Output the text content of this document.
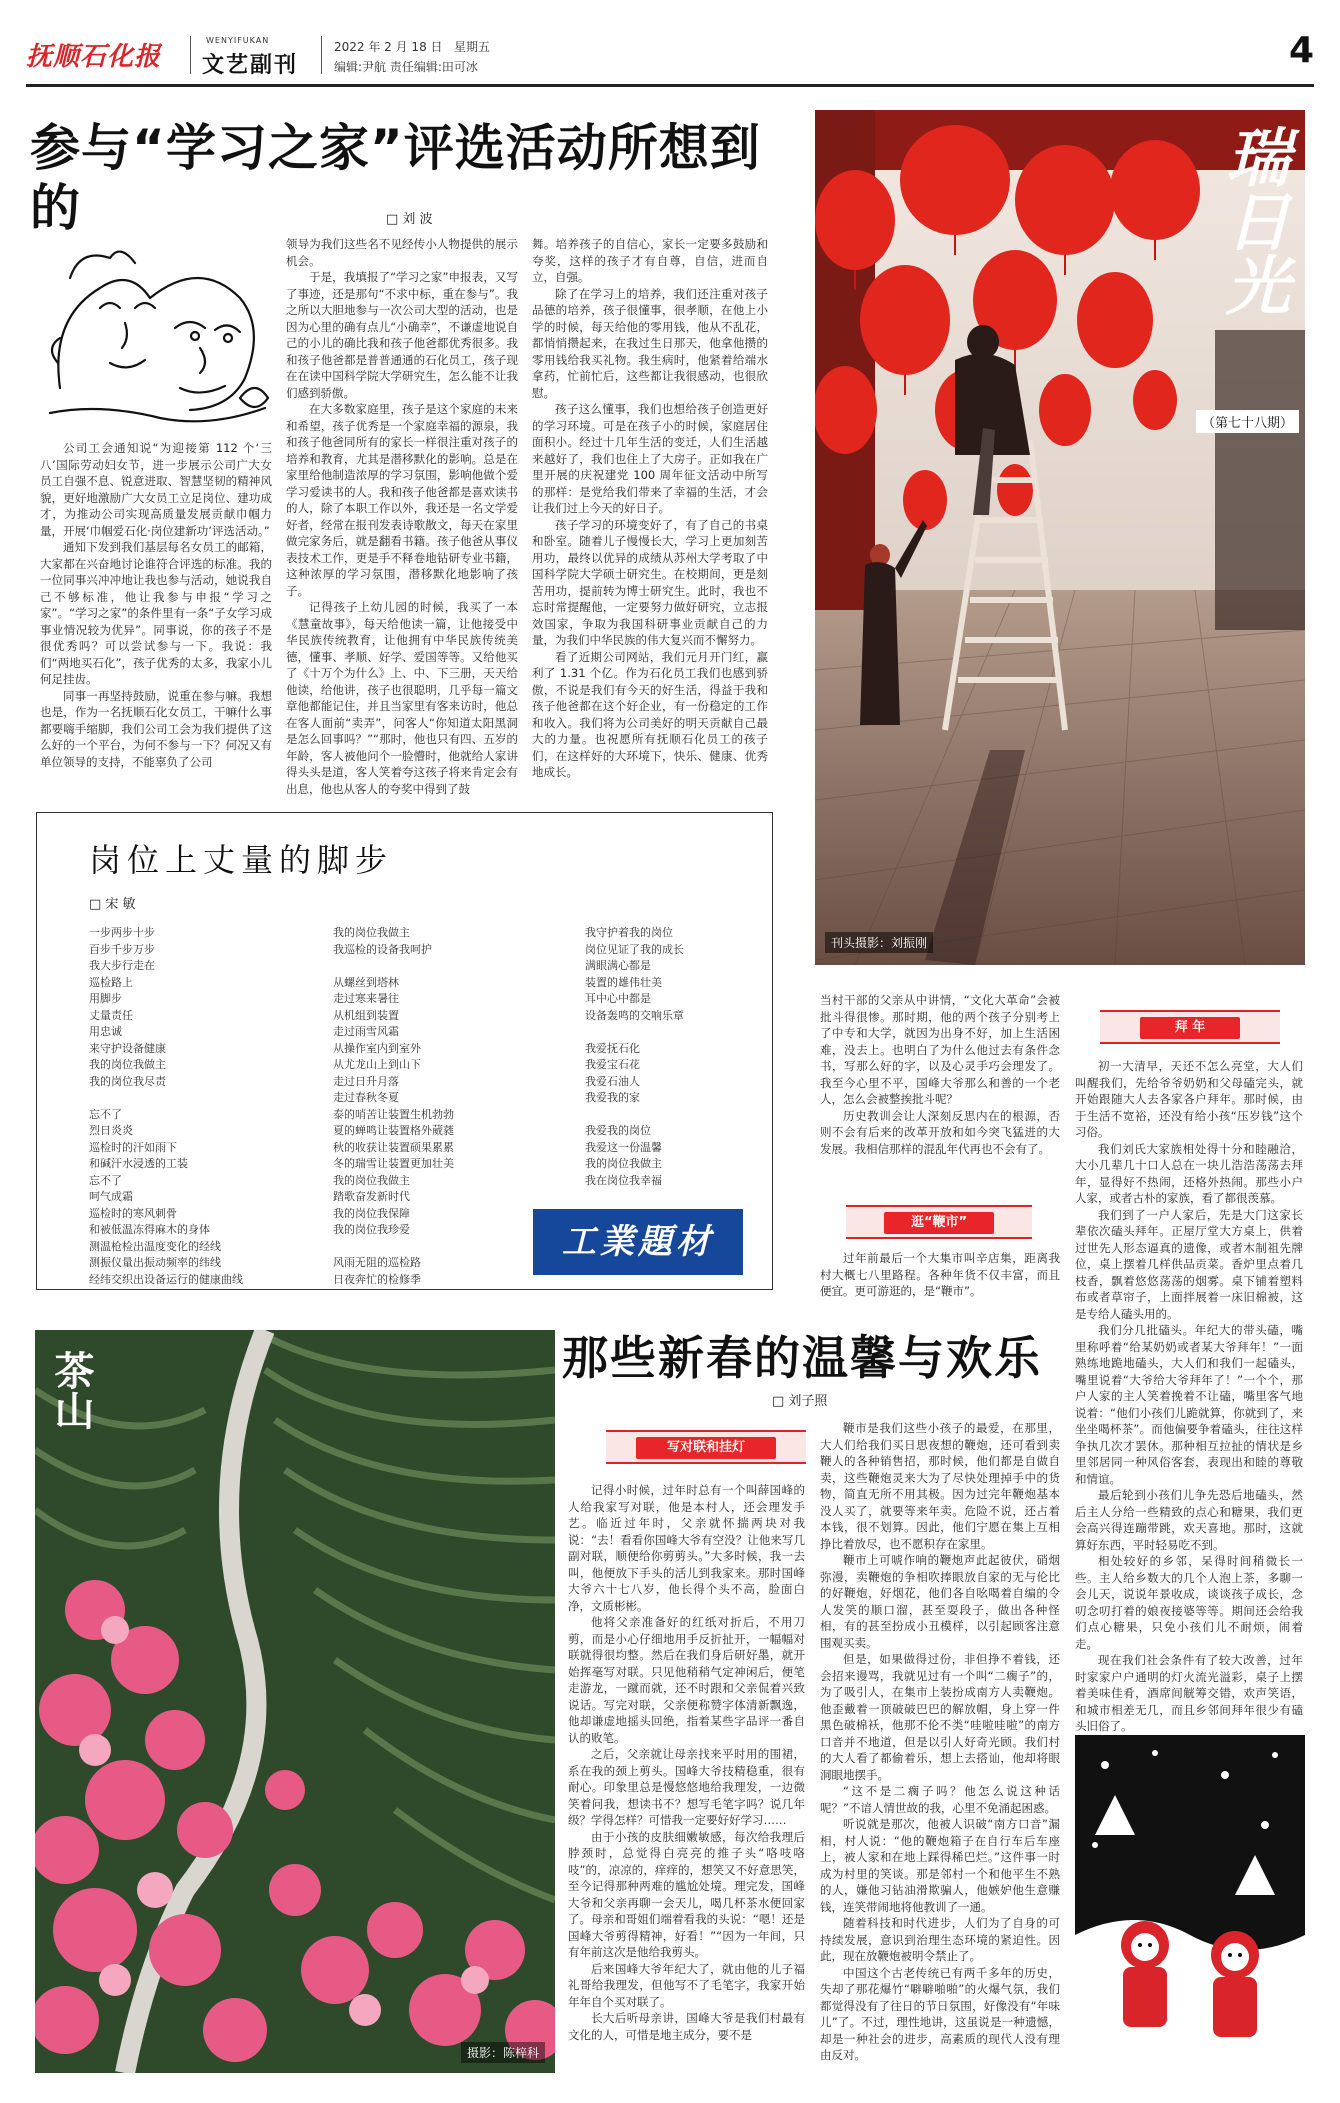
抚顺石化报
WENYIFUKAN
文艺副刊
2022 年 2 月 18 日 星期五
编辑:尹航 责任编辑:田可冰	4
参与“学习之家”评选活动所想到的	□ 刘 波

公司工会通知说“为迎接第 112 个‘三八’国际劳动妇女节，进一步展示公司广大女员工自强不息、锐意进取、智慧坚韧的精神风貌，更好地激励广大女员工立足岗位、建功成才，为推动公司实现高质量发展贡献巾帼力量，开展‘巾帼爱石化·岗位建新功’评选活动。”

通知下发到我们基层每名女员工的邮箱，大家都在兴奋地讨论谁符合评选的标准。我的一位同事兴冲冲地让我也参与活动，她说我自己不够标准，他让我参与申报“学习之家”。“学习之家”的条件里有一条“子女学习成事业情况较为优异”。同事说，你的孩子不是很优秀吗？可以尝试参与一下。我说：我们“两地买石化”，孩子优秀的太多，我家小儿何足挂齿。

同事一再坚持鼓励，说重在参与嘛。我想也是，作为一名抚顺石化女员工，干嘛什么事都要嗨手缩脚，我们公司工会为我们提供了这么好的一个平台，为何不参与一下？何况又有单位领导的支持，不能辜负了公司

领导为我们这些名不见经传小人物提供的展示机会。

于是，我填报了“学习之家”申报表，又写了事迹，还是那句“不求中标，重在参与”。我之所以大胆地参与一次公司大型的活动，也是因为心里的确有点儿“小确幸”，不谦虚地说自己的小儿的确比我和孩子他爸都优秀很多。我和孩子他爸都是普普通通的石化员工，孩子现在在读中国科学院大学研究生，怎么能不让我们感到骄傲。

在大多数家庭里，孩子是这个家庭的未来和希望，孩子优秀是一个家庭幸福的源泉，我和孩子他爸同所有的家长一样很注重对孩子的培养和教育，尤其是潜移默化的影响。总是在家里给他制造浓厚的学习氛围，影响他做个爱学习爱读书的人。我和孩子他爸都是喜欢读书的人，除了本职工作以外，我还是一名文学爱好者，经常在报刊发表诗歌散文，每天在家里做完家务后，就是翻看书籍。孩子他爸从事仪表技术工作，更是手不释卷地钻研专业书籍，这种浓厚的学习氛围，潜移默化地影响了孩子。

记得孩子上幼儿园的时候，我买了一本《慧童故事》，每天给他读一篇，让他接受中华民族传统教育，让他拥有中华民族传统美德，懂事、孝顺、好学、爱国等等。又给他买了《十万个为什么》上、中、下三册，天天给他读，给他讲，孩子也很聪明，几乎每一篇文章他都能记住，并且当家里有客来访时，他总在客人面前“卖弄”，问客人“你知道太阳黑洞是怎么回事吗？”“那时，他也只有四、五岁的年龄，客人被他问个一脸懵时，他就给人家讲得头头是道，客人笑着夸这孩子将来肯定会有出息，他也从客人的夸奖中得到了鼓

舞。培养孩子的自信心，家长一定要多鼓励和夸奖，这样的孩子才有自尊，自信，进而自立，自强。

除了在学习上的培养，我们还注重对孩子品德的培养，孩子很懂事，很孝顺，在他上小学的时候，每天给他的零用钱，他从不乱花，都悄悄攒起来，在我过生日那天，他拿他攒的零用钱给我买礼物。我生病时，他紧着给端水拿药，忙前忙后，这些都让我很感动，也很欣慰。

孩子这么懂事，我们也想给孩子创造更好的学习环境。可是在孩子小的时候，家庭居住面积小。经过十几年生活的变迁，人们生活越来越好了，我们也住上了大房子。正如我在广里开展的庆祝建党 100 周年征文活动中所写的那样：是党给我们带来了幸福的生活，才会让我们过上今天的好日子。

孩子学习的环境变好了，有了自己的书桌和卧室。随着儿子慢慢长大，学习上更加刻苦用功，最终以优异的成绩从苏州大学考取了中国科学院大学硕士研究生。在校期间，更是刻苦用功，提前转为博士研究生。此时，我也不忘时常提醒他，一定要努力做好研究，立志报效国家，争取为我国科研事业贡献自己的力量，为我们中华民族的伟大复兴而不懈努力。

看了近期公司网站，我们元月开门红，赢利了 1.31 个亿。作为石化员工我们也感到骄傲，不说是我们有今天的好生活，得益于我和孩子他爸都在这个好企业，有一份稳定的工作和收入。我们将为公司美好的明天贡献自己最大的力量。也祝愿所有抚顺石化员工的孩子们，在这样好的大环境下，快乐、健康、优秀地成长。

瑞日光
（第七十八期）
刊头摄影：刘振刚
岗位上丈量的脚步
□ 宋 敏
一步两步十步
百步千步万步
我大步行走在
巡检路上
用脚步
丈量责任
用忠诚
来守护设备健康
我的岗位我做主
我的岗位我尽责

忘不了
烈日炎炎
巡检时的汗如雨下
和碱汗水浸透的工装
忘不了
呵气成霜
巡检时的寒风刺骨
和被低温冻得麻木的身体
测温枪检出温度变化的经线
测振仪量出振动频率的纬线
经纬交织出设备运行的健康曲线
我的岗位我做主
我巡检的设备我呵护

从螺丝到塔林
走过寒来暑往
从机组到装置
走过雨雪风霜
从操作室内到室外
从尤龙山上到山下
走过日升月落
走过春秋冬夏
泰的哨苦让装置生机勃勃
夏的蝉鸣让装置格外葳蕤
秋的收获让装置硕果累累
冬的瑞雪让装置更加壮美
我的岗位我做主
踏歌奋发新时代
我的岗位我保障
我的岗位我珍爱

风雨无阻的巡检路
日夜奔忙的检修季
我守护着我的岗位
岗位见证了我的成长
满眼满心都是
装置的雄伟壮美
耳中心中都是
设备轰鸣的交响乐章

我爱抚石化
我爱宝石花
我爱石油人
我爱我的家

我爱我的岗位
我爱这一份温馨
我的岗位我做主
我在岗位我幸福
工業題材

当村干部的父亲从中讲情，“文化大革命”会被批斗得很惨。那时期，他的两个孩子分别考上了中专和大学，就因为出身不好，加上生活困难，没去上。也明白了为什么他过去有条件念书，写那么好的字，以及心灵手巧会理发了。我至今心里不平，国峰大爷那么和善的一个老人，怎么会被整挨批斗呢？

历史教训会让人深刻反思内在的根源，否则不会有后来的改革开放和如今突飞猛进的大发展。我相信那样的混乱年代再也不会有了。

逛“鞭市”

过年前最后一个大集市叫辛店集，距离我村大概七八里路程。各种年货不仅丰富，而且便宜。更可游逛的，是“鞭市”。

拜 年

初一大清早，天还不怎么亮堂，大人们叫醒我们，先给爷爷奶奶和父母磕完头，就开始跟随大人去各家各户拜年。那时候，由于生活不宽裕，还没有给小孩“压岁钱”这个习俗。

我们刘氏大家族相处得十分和睦融洽，大小几辈几十口人总在一块儿浩浩荡荡去拜年，显得好不热闹，还格外热闹。那些小户人家，或者古朴的家族，看了都很羡慕。

我们到了一户人家后，先是大门这家长辈依次磕头拜年。正屋厅堂大方桌上，供着过世先人形态逼真的遗像，或者木制祖先牌位，桌上摆着几样供品贡菜。香炉里点着几枝香，飘着悠悠荡荡的烟雾。桌下铺着塑料布或者草帘子，上面拌展着一床旧棉被，这是专给人磕头用的。

我们分几批磕头。年纪大的带头磕，嘴里称呼着“给某奶奶或者某大爷拜年！”一面熟练地跪地磕头，大人们和我们一起磕头，嘴里说着“大爷给大爷拜年了！”一个个，那户人家的主人笑着挽着不让磕，嘴里客气地说着：“他们小孩们儿跪就算，你就到了，来坐坐喝杯茶”。而他偏要争着磕头，往往这样争执几次才罢休。那种相互拉扯的情状是乡里邻居同一种风俗客套，表现出和睦的尊敬和情谊。

最后轮到小孩们儿争先恐后地磕头，然后主人分给一些精致的点心和糖果，我们更会高兴得连蹦带跳，欢天喜地。那时，这就算好东西，平时轻易吃不到。

相处较好的乡邻，呆得时间稍微长一些。主人给乡数大的几个人泡上茶，多聊一会儿天，说说年景收成，谈谈孩子成长，念叨念叨打着的娘夜接婆等等。期间还会给我们点心糖果，只免小孩们儿不耐烦，闹着走。

现在我们社会条件有了较大改善，过年时家家户户通明的灯火流光溢彩，桌子上摆着美味佳肴，酒席间觥筹交错，欢声笑语，和城市相差无几，而且乡邻间拜年很少有磕头旧俗了。

茶山
摄影：陈梓科
那些新春的温馨与欢乐
□ 刘子照
写对联和挂灯

记得小时候，过年时总有一个叫薛国峰的人给我家写对联，他是本村人，还会理发手艺。临近过年时，父亲就怀揣两块对我说：“去！看看你国峰大爷有空没？让他来写几副对联，顺便给你剪剪头。”大多时候，我一去叫，他便放下手头的活儿到我家来。那时国峰大爷六十七八岁，他长得个头不高，脸面白净，文质彬彬。

他将父亲准备好的红纸对折后，不用刀剪，而是小心仔细地用手反折扯开，一幅幅对联就得很均整。然后在我们身后研好墨，就开始挥毫写对联。只见他稍稍气定神闲后，便笔走游龙，一蹴而就，还不时跟和父亲侃着兴致说话。写完对联，父亲便称赞字体清新飘逸，他却谦虚地摇头回绝，指着某些字品评一番自认的败笔。

之后，父亲就让母亲找来平时用的围裙，系在我的颈上剪头。国峰大爷技精稳重，很有耐心。印象里总是慢悠悠地给我理发，一边微笑着问我，想读书不？想写毛笔字吗？说几年级？学得怎样？可惜我一定要好好学习……

由于小孩的皮肤细嫩敏感，每次给我理后脖颈时，总觉得白亮亮的推子头“咯吱咯吱”的，凉凉的，痒痒的，想笑又不好意思笑，至今记得那种两难的尴尬处境。理完发，国峰大爷和父亲再聊一会天儿，喝几杯茶水便回家了。母亲和哥姐们端着看我的头说：“嗯！还是国峰大爷剪得精神，好看！”“因为一年间，只有年前这次是他给我剪头。

后来国峰大爷年纪大了，就由他的儿子福礼哥给我理发，但他写不了毛笔字，我家开始年年自个买对联了。

长大后听母亲讲，国峰大爷是我们村最有文化的人，可惜是地主成分，要不是

鞭市是我们这些小孩子的最爱，在那里，大人们给我们买日思夜想的鞭炮，还可看到卖鞭人的各种销售招，那时候，他们都是自做自卖，这些鞭炮灵来大为了尽快处理掉手中的货物，简直无所不用其极。因为过完年鞭炮基本没人买了，就要等来年卖。危险不说，还占着本钱，很不划算。因此，他们宁愿在集上互相挣比着放尽，也不愿积存在家里。

鞭市上可唬作响的鞭炮声此起彼伏，硝烟弥漫，卖鞭炮的争相吹捧眼放自家的无与伦比的好鞭炮，好烟花，他们各自吆喝着自编的令人发笑的顺口溜，甚至耍段子，做出各种怪相，有的甚至扮成小丑模样，以引起顾客注意围观买卖。

但是，如果做得过份，非但挣不着钱，还会招来谩骂，我就见过有一个叫“二瘸子”的，为了吸引人，在集市上装扮成南方人卖鞭炮。他歪戴着一顶破破巴巴的解放帽，身上穿一件黑色破棉袄，他那不伦不类“哇啦哇啦”的南方口音并不地道，但是以引人好奇光顾。我们村的大人看了都偷着乐，想上去搭讪，他却将眼洞眼地摆手。

“这不是二瘸子吗？他怎么说这种话呢？”不谙人情世故的我，心里不免涌起困惑。

听说就是那次，他被人识破“南方口音”漏相，村人说：“他的鞭炮箱子在自行车后车座上，被人家和在地上踩得稀巴烂。”这件事一时成为村里的笑谈。那是邻村一个和他平生不熟的人，嫌他习钻油滑欺骗人，他嫉妒他生意赚钱，连笑带闹地将他教训了一通。

随着科技和时代进步，人们为了自身的可持续发展，意识到治理生态环境的紧迫性。因此，现在放鞭炮被明令禁止了。

中国这个古老传统已有两千多年的历史，失却了那花爆竹“噼噼啪啪”的火爆气氛，我们都觉得没有了往日的节日氛围，好像没有“年味儿”了。不过，理性地讲，这虽说是一种遗憾，却是一种社会的进步，高素质的现代人没有理由反对。
